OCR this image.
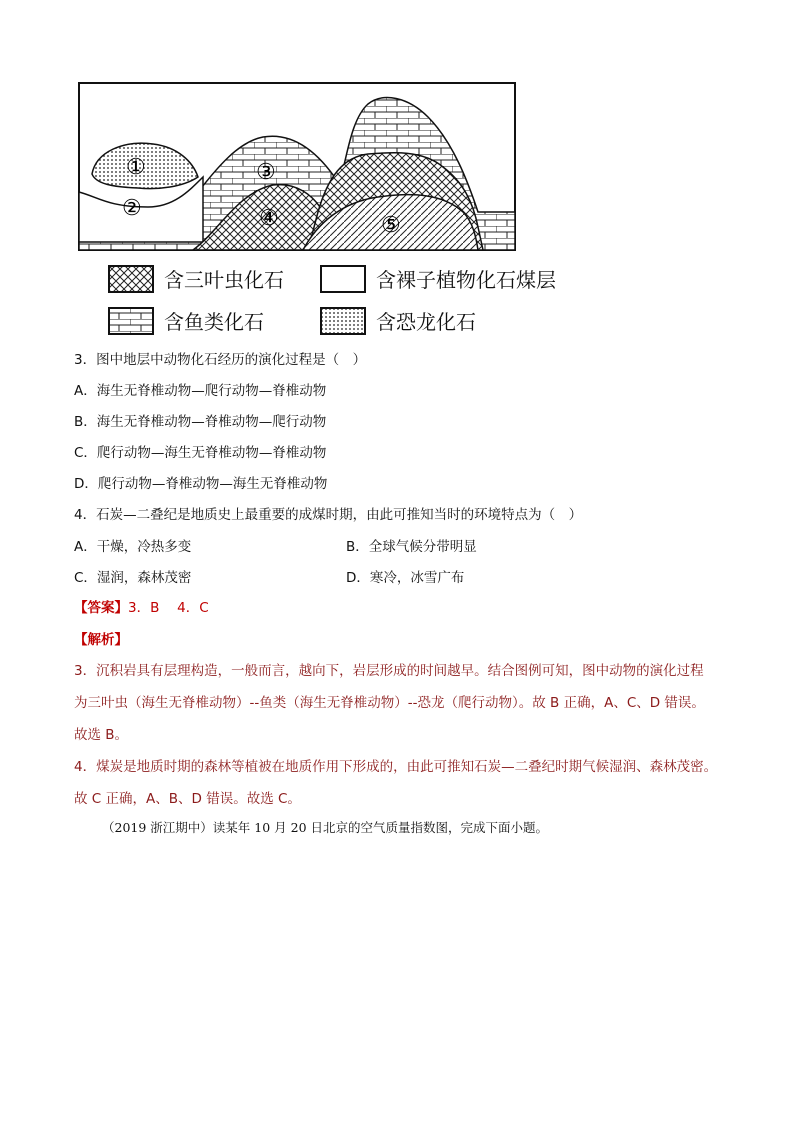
①
②
③
④	⑤
含三叶虫化石	含裸子植物化石煤层
含鱼类化石	含恐龙化石
3．图中地层中动物化石经历的演化过程是（　）
A．海生无脊椎动物—爬行动物—脊椎动物
B．海生无脊椎动物—脊椎动物—爬行动物
C．爬行动物—海生无脊椎动物—脊椎动物
D．爬行动物—脊椎动物—海生无脊椎动物
4．石炭—二叠纪是地质史上最重要的成煤时期，由此可推知当时的环境特点为（　）
A．干燥，冷热多变	B．全球气候分带明显
C．湿润，森林茂密	D．寒冷，冰雪广布
【答案】3．B　 4．C
【解析】

3．沉积岩具有层理构造，一般而言，越向下，岩层形成的时间越早。结合图例可知，图中动物的演化过程

为三叶虫（海生无脊椎动物）--鱼类（海生无脊椎动物）--恐龙（爬行动物）。故 B 正确，A、C、D 错误。

故选 B。

4．煤炭是地质时期的森林等植被在地质作用下形成的，由此可推知石炭—二叠纪时期气候湿润、森林茂密。

故 C 正确，A、B、D 错误。故选 C。

（2019 浙江期中）读某年 10 月 20 日北京的空气质量指数图，完成下面小题。
